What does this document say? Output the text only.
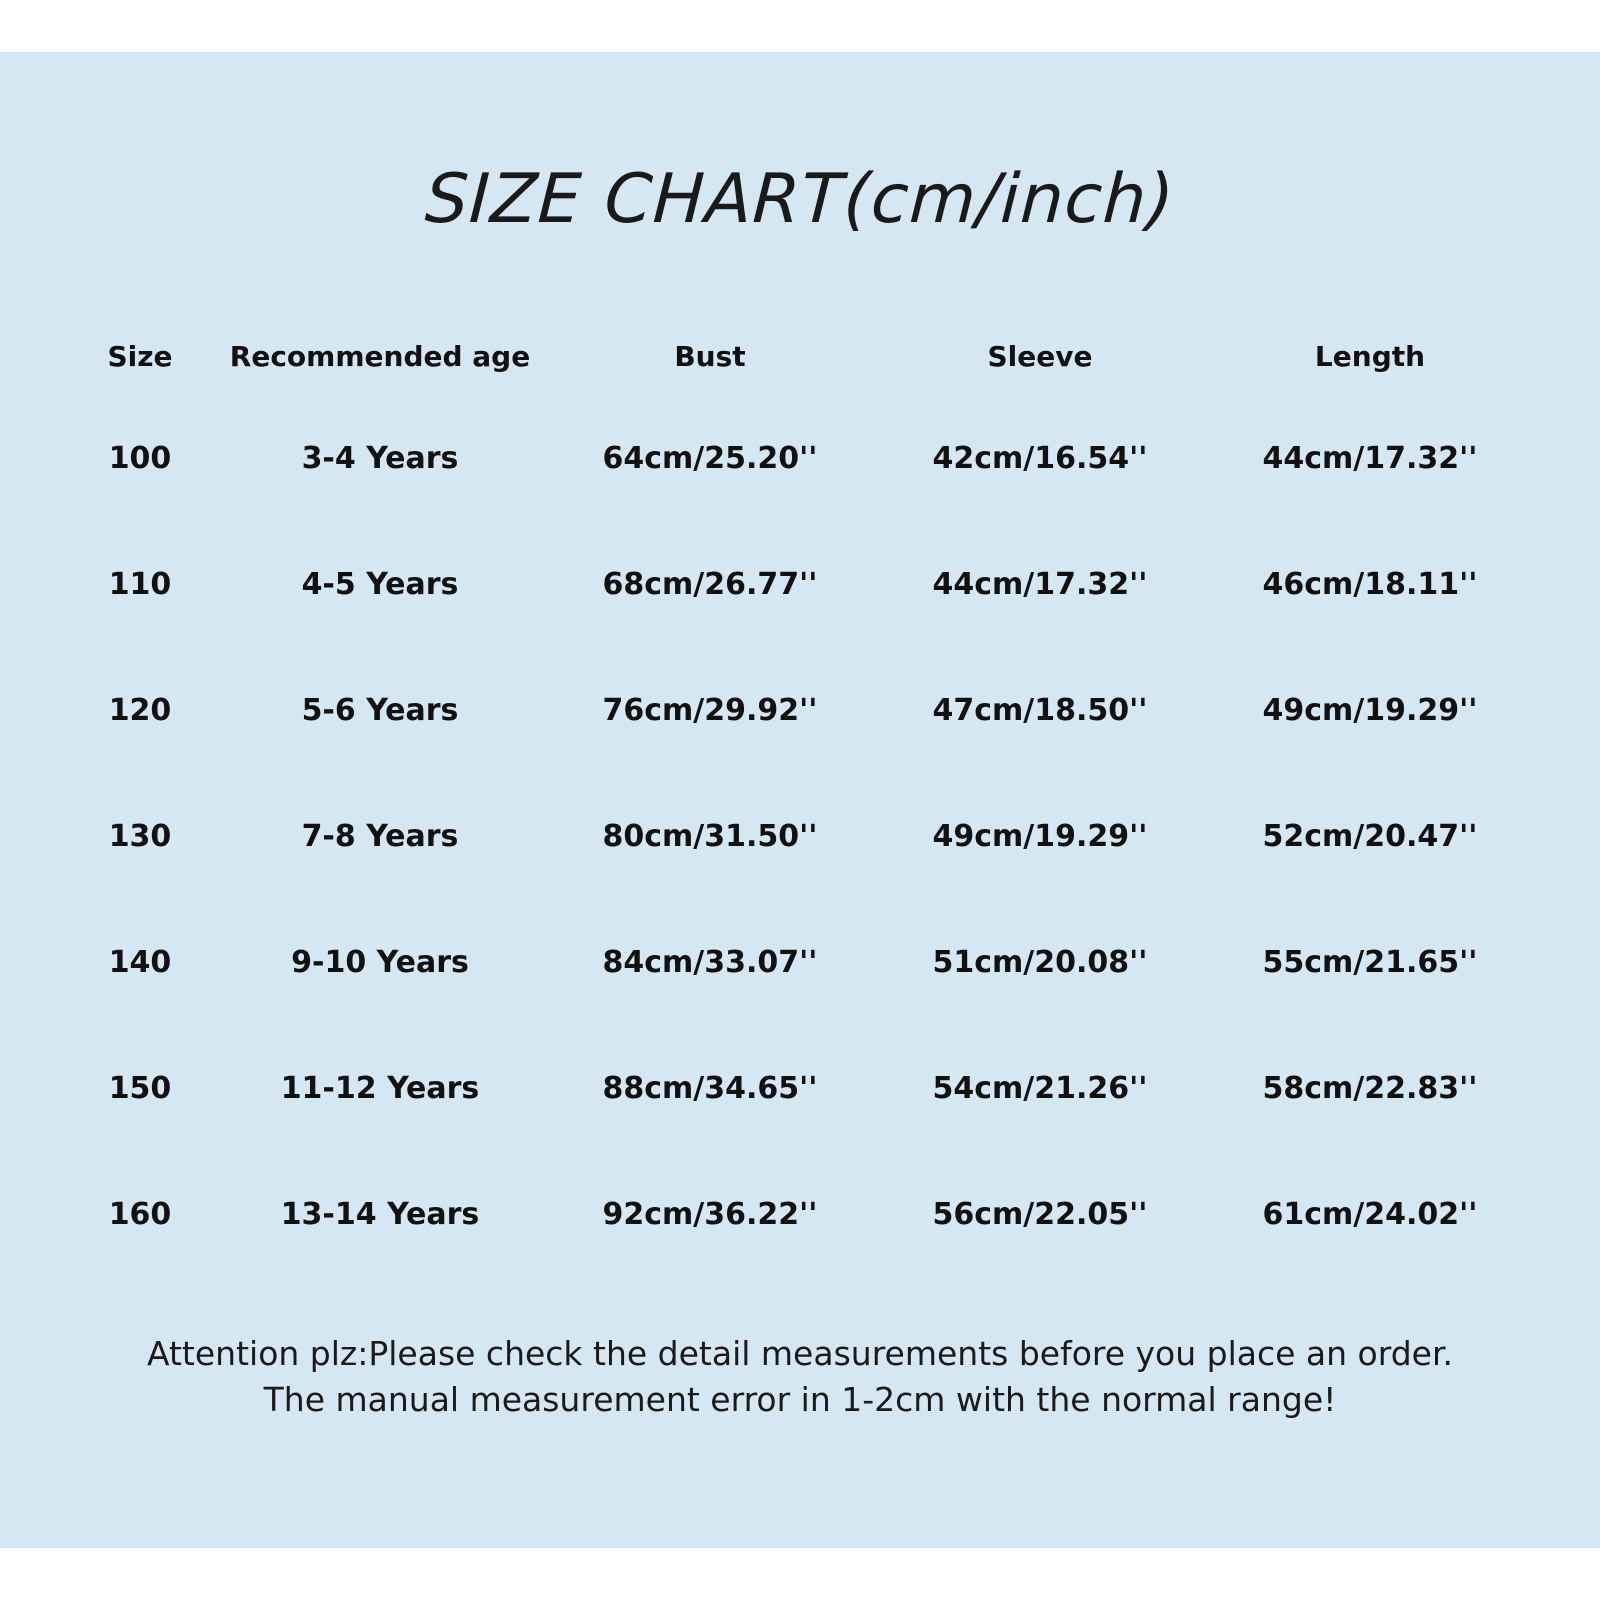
SIZE CHART(cm/inch)
Size	Recommended age	Bust	Sleeve	Length
100	3-4 Years	64cm/25.20''	42cm/16.54''	44cm/17.32''
110	4-5 Years	68cm/26.77''	44cm/17.32''	46cm/18.11''
120	5-6 Years	76cm/29.92''	47cm/18.50''	49cm/19.29''
130	7-8 Years	80cm/31.50''	49cm/19.29''	52cm/20.47''
140	9-10 Years	84cm/33.07''	51cm/20.08''	55cm/21.65''
150	11-12 Years	88cm/34.65''	54cm/21.26''	58cm/22.83''
160	13-14 Years	92cm/36.22''	56cm/22.05''	61cm/24.02''
Attention plz:Please check the detail measurements before you place an order.
The manual measurement error in 1-2cm with the normal range!
